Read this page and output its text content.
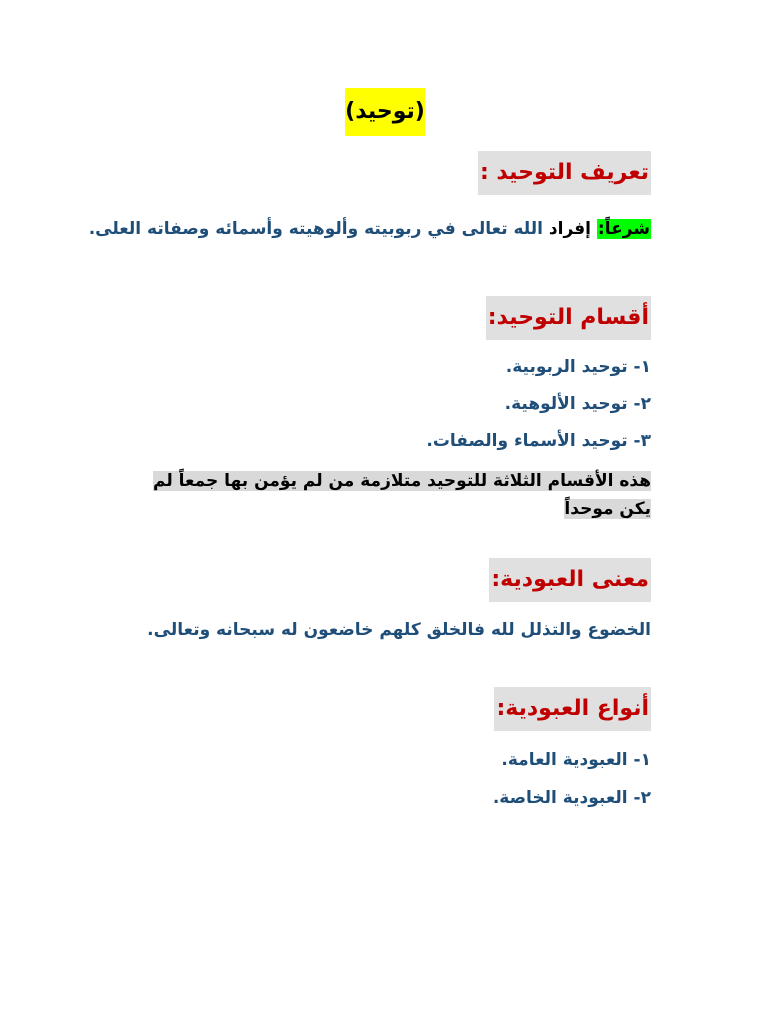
(توحيد)
تعريف التوحيد :
شرعاً: إفراد الله تعالى في ربوبيته وألوهيته وأسمائه وصفاته العلى.
أقسام التوحيد:
١- توحيد الربوبية.
٢- توحيد الألوهية.
٣- توحيد الأسماء والصفات.
هذه الأقسام الثلاثة للتوحيد متلازمة من لم يؤمن بها جمعاً لم يكن موحداً
معنى العبودية:
الخضوع والتذلل لله فالخلق كلهم خاضعون له سبحانه وتعالى.
أنواع العبودية:
١- العبودية العامة.
٢- العبودية الخاصة.
